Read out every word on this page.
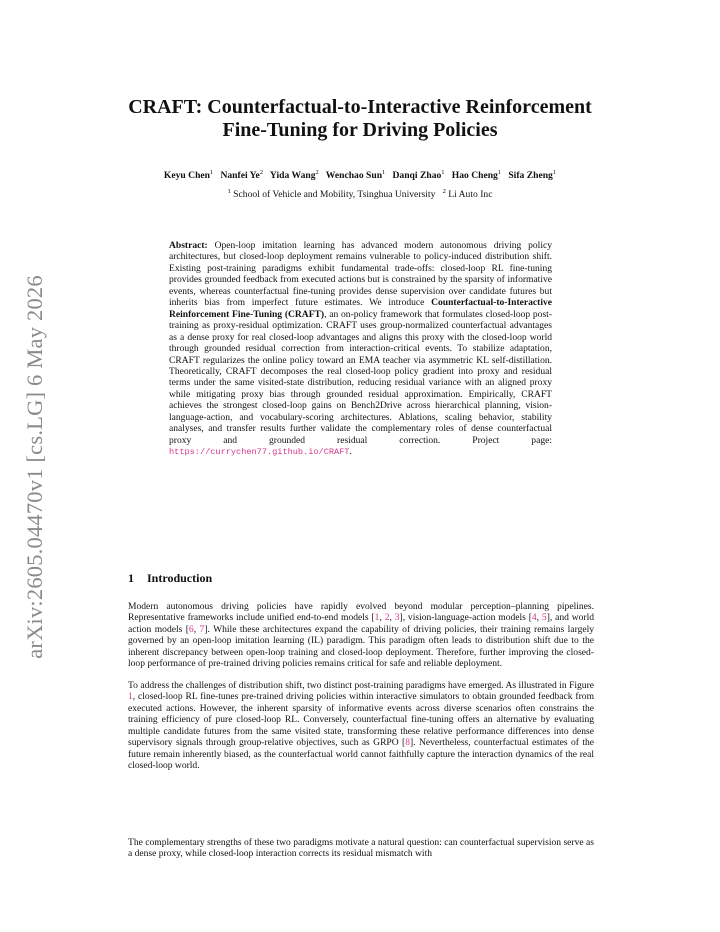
arXiv:2605.04470v1 [cs.LG] 6 May 2026
CRAFT: Counterfactual-to-Interactive Reinforcement
Fine-Tuning for Driving Policies
Keyu Chen$^1$ Nanfei Ye$^2$ Yida Wang$^2$ Wenchao Sun$^1$ Danqi Zhao$^1$ Hao Cheng$^1$ Sifa Zheng$^1$
$^1$ School of Vehicle and Mobility, Tsinghua University $^2$ Li Auto Inc
Abstract: Open-loop imitation learning has advanced modern autonomous driving policy architectures, but closed-loop deployment remains vulnerable to policy-induced distribution shift. Existing post-training paradigms exhibit fundamental trade-offs: closed-loop RL fine-tuning provides grounded feedback from executed actions but is constrained by the sparsity of informative events, whereas counterfactual fine-tuning provides dense supervision over candidate futures but inherits bias from imperfect future estimates. We introduce Counterfactual-to-Interactive Reinforcement Fine-Tuning (CRAFT), an on-policy framework that formulates closed-loop post-training as proxy-residual optimization. CRAFT uses group-normalized counterfactual advantages as a dense proxy for real closed-loop advantages and aligns this proxy with the closed-loop world through grounded residual correction from interaction-critical events. To stabilize adaptation, CRAFT regularizes the online policy toward an EMA teacher via asymmetric KL self-distillation. Theoretically, CRAFT decomposes the real closed-loop policy gradient into proxy and residual terms under the same visited-state distribution, reducing residual variance with an aligned proxy while mitigating proxy bias through grounded residual approximation. Empirically, CRAFT achieves the strongest closed-loop gains on Bench2Drive across hierarchical planning, vision-language-action, and vocabulary-scoring architectures. Ablations, scaling behavior, stability analyses, and transfer results further validate the complementary roles of dense counterfactual proxy and grounded residual correction. Project page: https://currychen77.github.io/CRAFT.
1 Introduction
Modern autonomous driving policies have rapidly evolved beyond modular perception–planning pipelines. Representative frameworks include unified end-to-end models [1, 2, 3], vision-language-action models [4, 5], and world action models [6, 7]. While these architectures expand the capability of driving policies, their training remains largely governed by an open-loop imitation learning (IL) paradigm. This paradigm often leads to distribution shift due to the inherent discrepancy between open-loop training and closed-loop deployment. Therefore, further improving the closed-loop performance of pre-trained driving policies remains critical for safe and reliable deployment.
To address the challenges of distribution shift, two distinct post-training paradigms have emerged. As illustrated in Figure 1, closed-loop RL fine-tunes pre-trained driving policies within interactive simulators to obtain grounded feedback from executed actions. However, the inherent sparsity of informative events across diverse scenarios often constrains the training efficiency of pure closed-loop RL. Conversely, counterfactual fine-tuning offers an alternative by evaluating multiple candidate futures from the same visited state, transforming these relative performance differences into dense supervisory signals through group-relative objectives, such as GRPO [8]. Nevertheless, counterfactual estimates of the future remain inherently biased, as the counterfactual world cannot faithfully capture the interaction dynamics of the real closed-loop world.
The complementary strengths of these two paradigms motivate a natural question: can counterfactual supervision serve as a dense proxy, while closed-loop interaction corrects its residual mismatch with
